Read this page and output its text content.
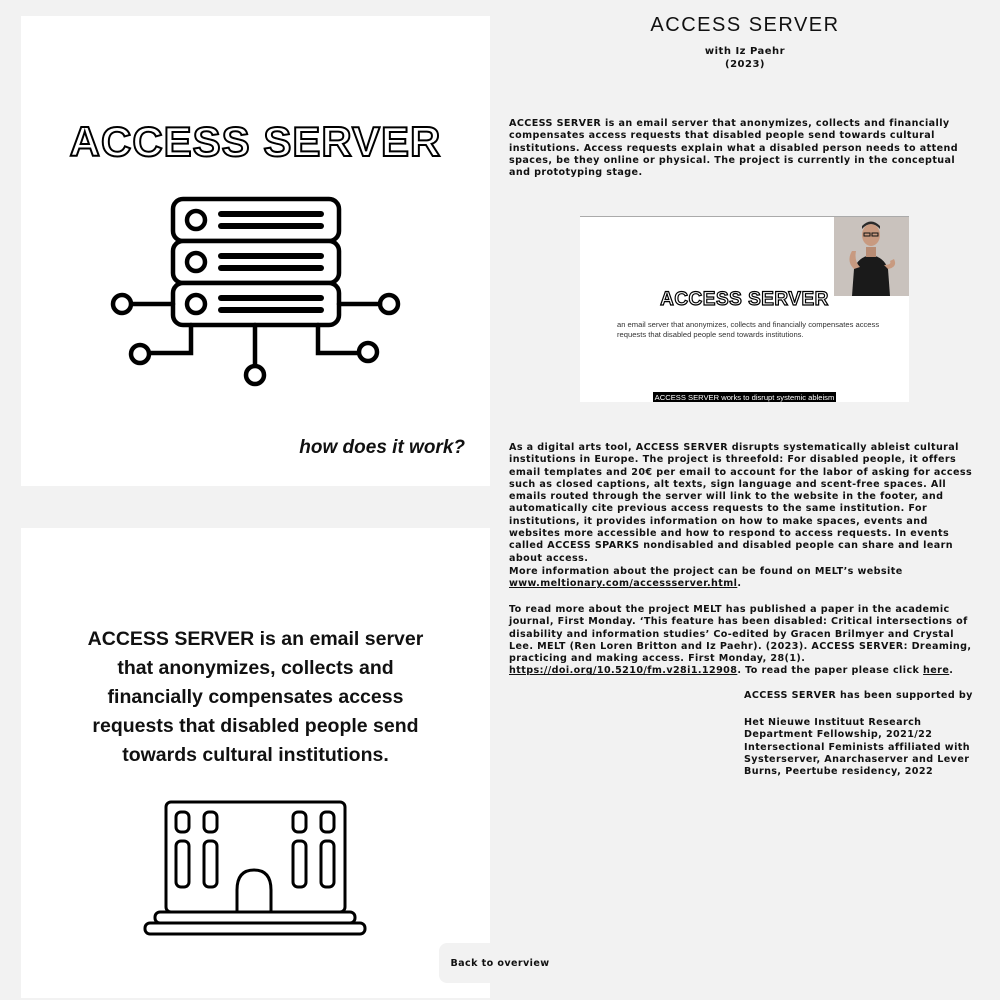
ACCESS SERVER
how does it work?
ACCESS SERVER is an email server that anonymizes, collects and financially compensates access requests that disabled people send towards cultural institutions.
ACCESS SERVER
with Iz Paehr
(2023)
ACCESS SERVER is an email server that anonymizes, collects and financially compensates access requests that disabled people send towards cultural institutions. Access requests explain what a disabled person needs to attend spaces, be they online or physical. The project is currently in the conceptual and prototyping stage.
ACCESS SERVER
an email server that anonymizes, collects and financially compensates access requests that disabled people send towards institutions.
ACCESS SERVER works to disrupt systemic ableism
As a digital arts tool, ACCESS SERVER disrupts systematically ableist cultural institutions in Europe. The project is threefold: For disabled people, it offers email templates and 20€ per email to account for the labor of asking for access such as closed captions, alt texts, sign language and scent-free spaces. All emails routed through the server will link to the website in the footer, and automatically cite previous access requests to the same institution. For institutions, it provides information on how to make spaces, events and websites more accessible and how to respond to access requests. In events called ACCESS SPARKS nondisabled and disabled people can share and learn about access.
More information about the project can be found on MELT’s website www.meltionary.com/accessserver.html.
To read more about the project MELT has published a paper in the academic journal, First Monday. ‘This feature has been disabled: Critical intersections of disability and information studies’ Co-edited by Gracen Brilmyer and Crystal Lee. MELT (Ren Loren Britton and Iz Paehr). (2023). ACCESS SERVER: Dreaming, practicing and making access. First Monday, 28(1). https://doi.org/10.5210/fm.v28i1.12908. To read the paper please click here.
ACCESS SERVER has been supported by
Het Nieuwe Instituut Research Department Fellowship, 2021/22 Intersectional Feminists affiliated with Systerserver, Anarchaserver and Lever Burns, Peertube residency, 2022
Back to overview
